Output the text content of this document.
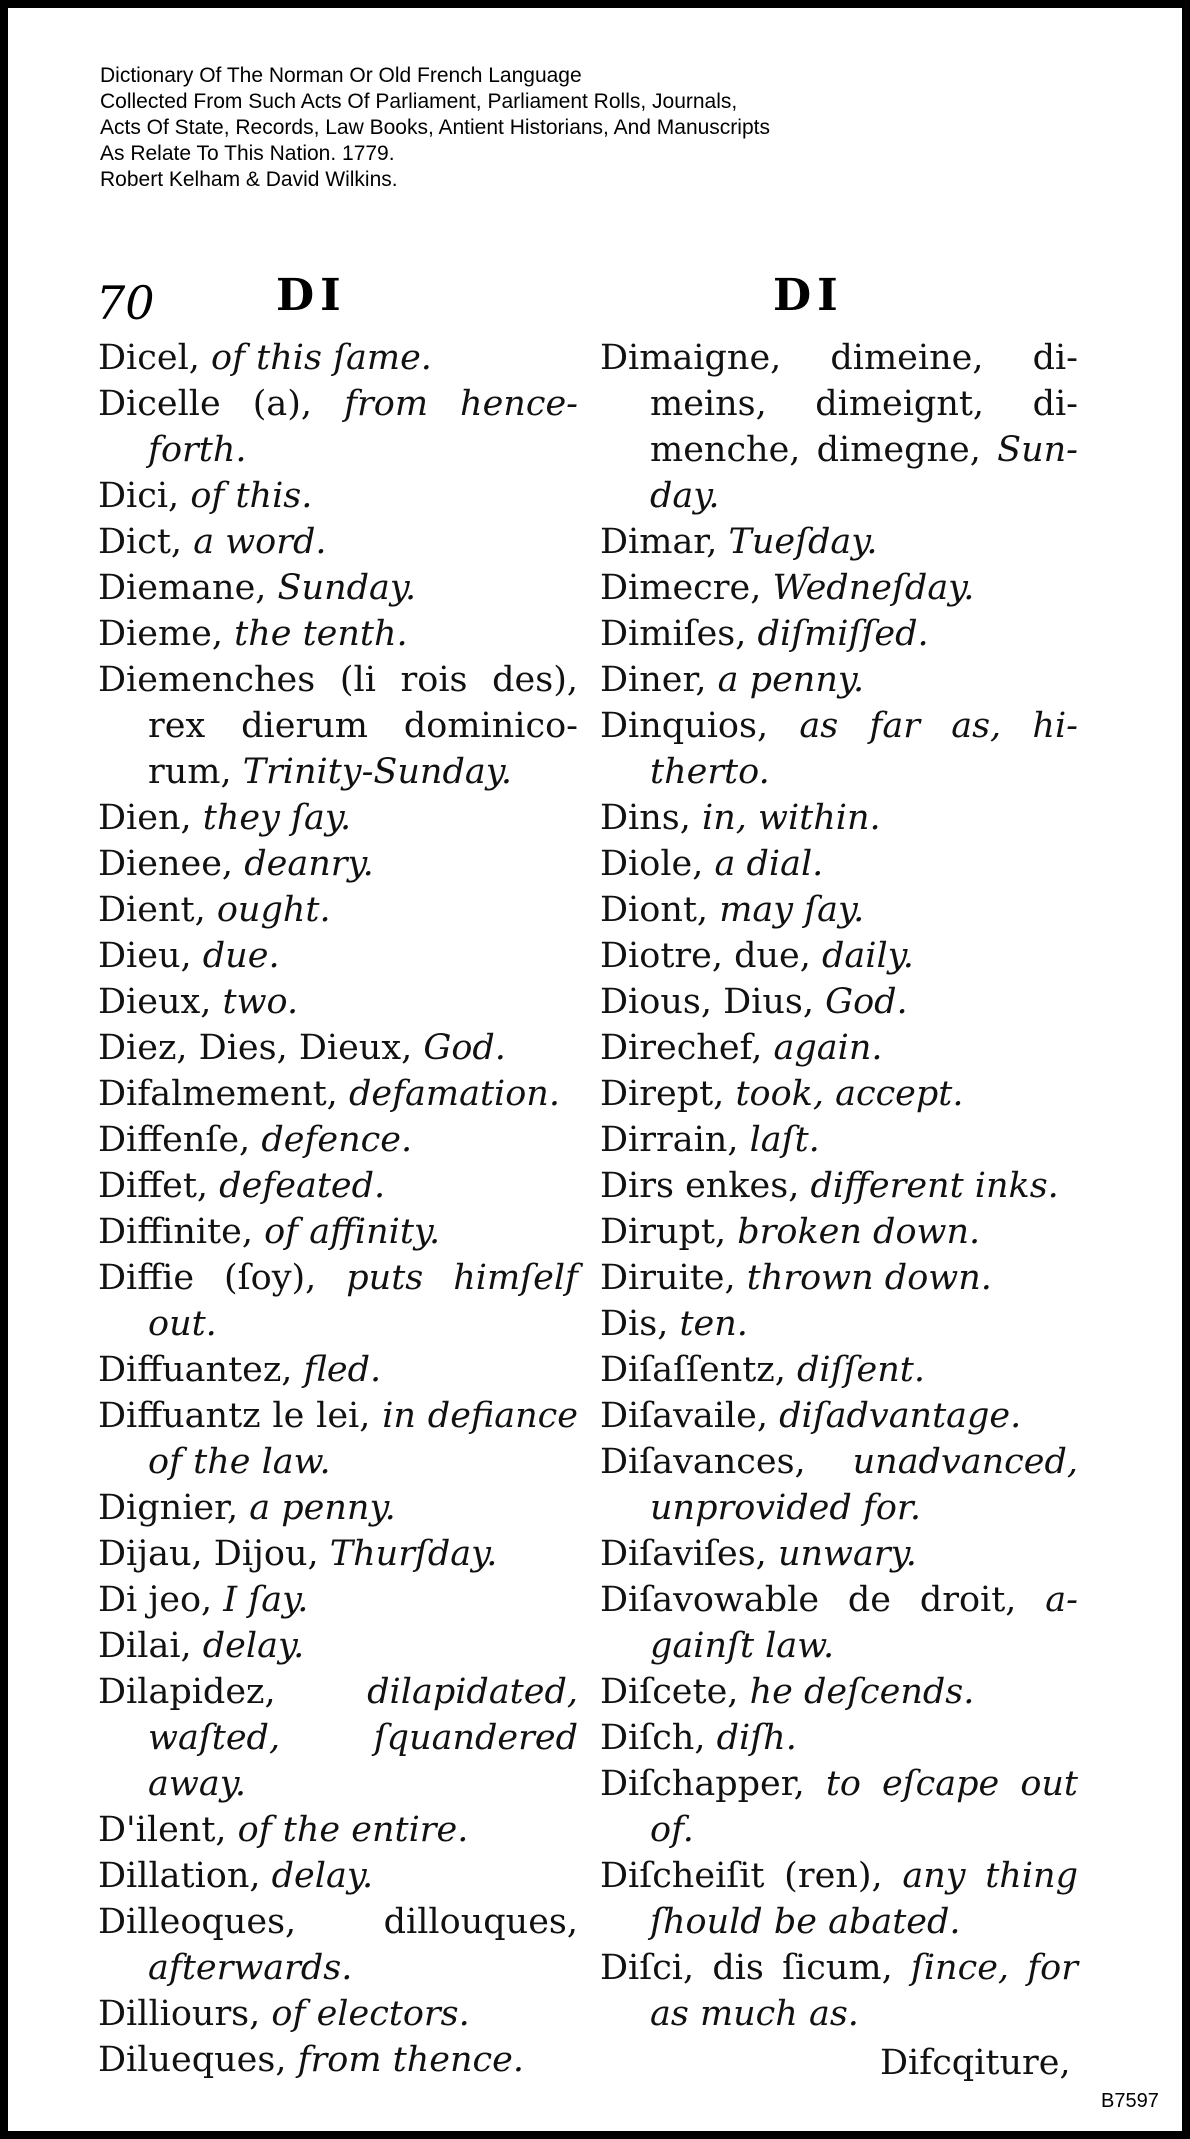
Dictionary Of The Norman Or Old French Language
Collected From Such Acts Of Parliament, Parliament Rolls, Journals,
Acts Of State, Records, Law Books, Antient Historians, And Manuscripts
As Relate To This Nation. 1779.
Robert Kelham & David Wilkins.
70	DI	DI
Dicel, of this ſame.
Dicelle (a), from hence-forth.
Dici, of this.
Dict, a word.
Diemane, Sunday.
Dieme, the tenth.
Diemenches (li rois des), rex dierum dominico-rum, Trinity-Sunday.
Dien, they ſay.
Dienee, deanry.
Dient, ought.
Dieu, due.
Dieux, two.
Diez, Dies, Dieux, God.
Difalmement, defamation.
Diffenſe, defence.
Diffet, defeated.
Diffinite, of affinity.
Diffie (ſoy), puts himſelf out.
Diffuantez, fled.
Diffuantz le lei, in defiance of the law.
Dignier, a penny.
Dijau, Dijou, Thurſday.
Di jeo, I ſay.
Dilai, delay.
Dilapidez,	dilapidated, waſted, ſquandered away.
D'ilent, of the entire.
Dillation, delay.
Dilleoques, dillouques, afterwards.
Dilliours, of electors.
Dilueques, from thence.
Dimaigne, dimeine, di-meins, dimeignt, di-menche, dimegne, Sun-day.
Dimar, Tueſday.
Dimecre, Wedneſday.
Dimiſes, diſmiſſed.
Diner, a penny.
Dinquios, as far as, hi-therto.
Dins, in, within.
Diole, a dial.
Diont, may ſay.
Diotre, due, daily.
Dious, Dius, God.
Direchef, again.
Dirept, took, accept.
Dirrain, laſt.
Dirs enkes, different inks.
Dirupt, broken down.
Diruite, thrown down.
Dis, ten.
Diſaſſentz, diſſent.
Diſavaile, diſadvantage.
Diſavances, unadvanced, unprovided for.
Diſaviſes, unwary.
Diſavowable de droit, a-gainſt law.
Diſcete, he deſcends.
Diſch, diſh.
Diſchapper, to eſcape out of.
Diſcheiſit (ren), any thing ſhould be abated.
Diſci, dis ſicum, ſince, for as much as.
Difcqiture,
B7597
